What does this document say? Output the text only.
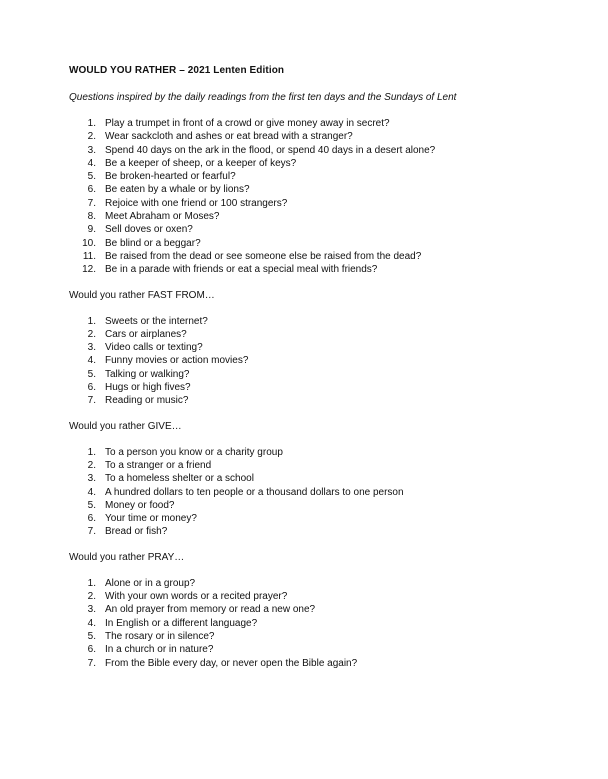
WOULD YOU RATHER – 2021 Lenten Edition

Questions inspired by the daily readings from the first ten days and the Sundays of Lent

1. Play a trumpet in front of a crowd or give money away in secret?
2. Wear sackcloth and ashes or eat bread with a stranger?
3. Spend 40 days on the ark in the flood, or spend 40 days in a desert alone?
4. Be a keeper of sheep, or a keeper of keys?
5. Be broken-hearted or fearful?
6. Be eaten by a whale or by lions?
7. Rejoice with one friend or 100 strangers?
8. Meet Abraham or Moses?
9. Sell doves or oxen?
10. Be blind or a beggar?
11. Be raised from the dead or see someone else be raised from the dead?
12. Be in a parade with friends or eat a special meal with friends?

Would you rather FAST FROM…

1. Sweets or the internet?
2. Cars or airplanes?
3. Video calls or texting?
4. Funny movies or action movies?
5. Talking or walking?
6. Hugs or high fives?
7. Reading or music?

Would you rather GIVE…

1. To a person you know or a charity group
2. To a stranger or a friend
3. To a homeless shelter or a school
4. A hundred dollars to ten people or a thousand dollars to one person
5. Money or food?
6. Your time or money?
7. Bread or fish?

Would you rather PRAY…

1. Alone or in a group?
2. With your own words or a recited prayer?
3. An old prayer from memory or read a new one?
4. In English or a different language?
5. The rosary or in silence?
6. In a church or in nature?
7. From the Bible every day, or never open the Bible again?
